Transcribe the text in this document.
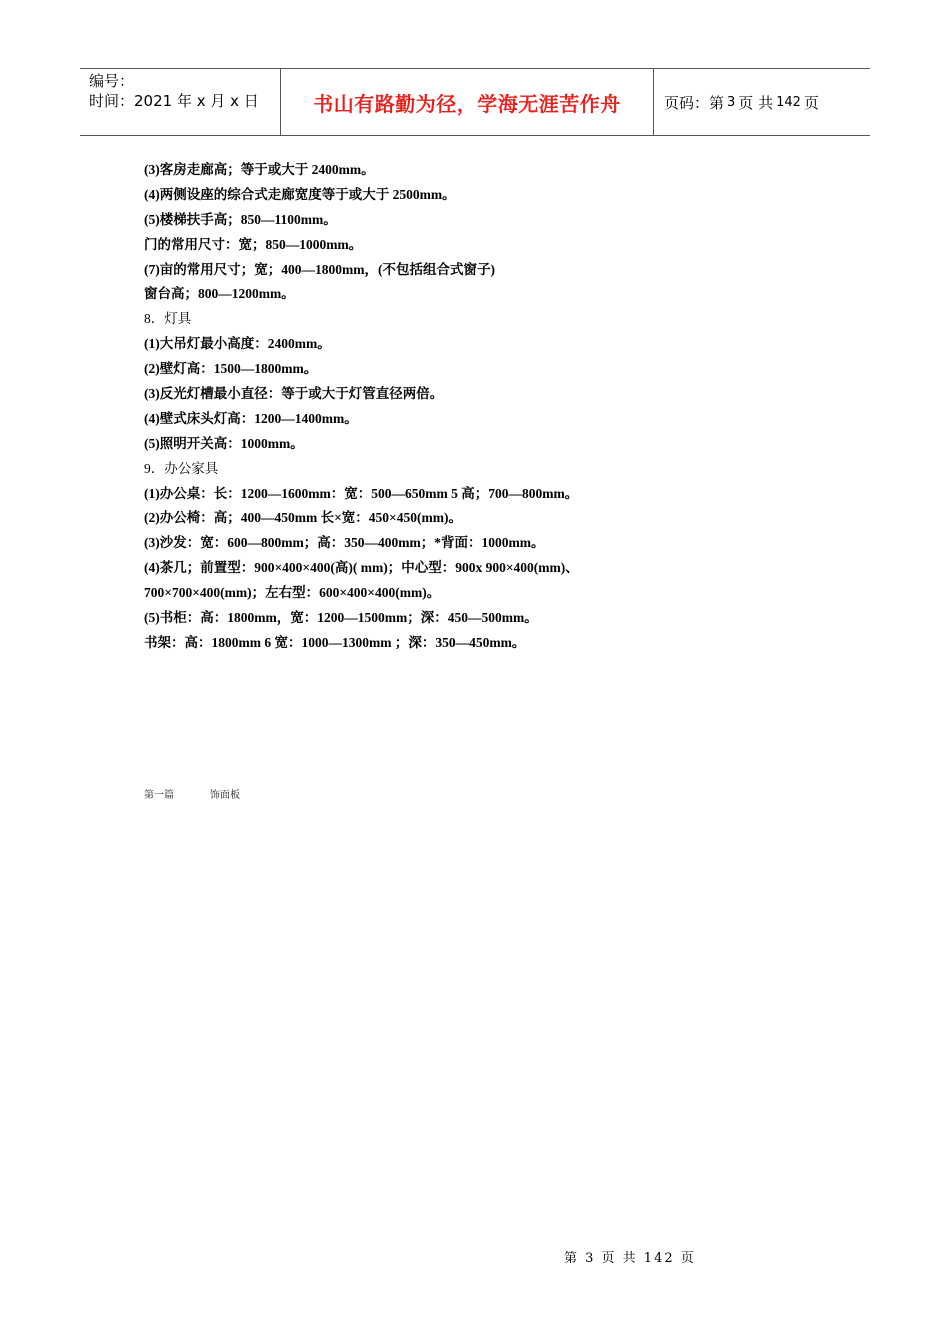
编号：
时间：2021 年 x 月 x 日	书山有路勤为径，学海无涯苦作舟	页码：第 3 页 共 142 页
(3)客房走廊高；等于或大于 2400mm。
(4)两侧设座的综合式走廊宽度等于或大于 2500mm。
(5)楼梯扶手高；850—1100mm。
门的常用尺寸：宽；850—1000mm。
(7)亩的常用尺寸；宽；400—1800mm，(不包括组合式窗子)
窗台高；800—1200mm。
8．灯具
(1)大吊灯最小高度：2400mm。
(2)壁灯高：1500—1800mm。
(3)反光灯槽最小直径：等于或大于灯管直径两倍。
(4)壁式床头灯高：1200—1400mm。
(5)照明开关高：1000mm。
9．办公家具
(1)办公桌：长：1200—1600mm：宽：500—650mm 5 高；700—800mm。
(2)办公椅：高；400—450mm 长×宽：450×450(mm)。
(3)沙发：宽：600—800mm；高：350—400mm；*背面：1000mm。
(4)茶几；前置型：900×400×400(高)( mm)；中心型：900x 900×400(mm)、
700×700×400(mm)；左右型：600×400×400(mm)。
(5)书柜：高：1800mm，宽：1200—1500mm；深：450—500mm。
书架：高：1800mm 6 宽：1000—1300mm ；深：350—450mm。
第一篇	饰面板
第 3 页 共 142 页
